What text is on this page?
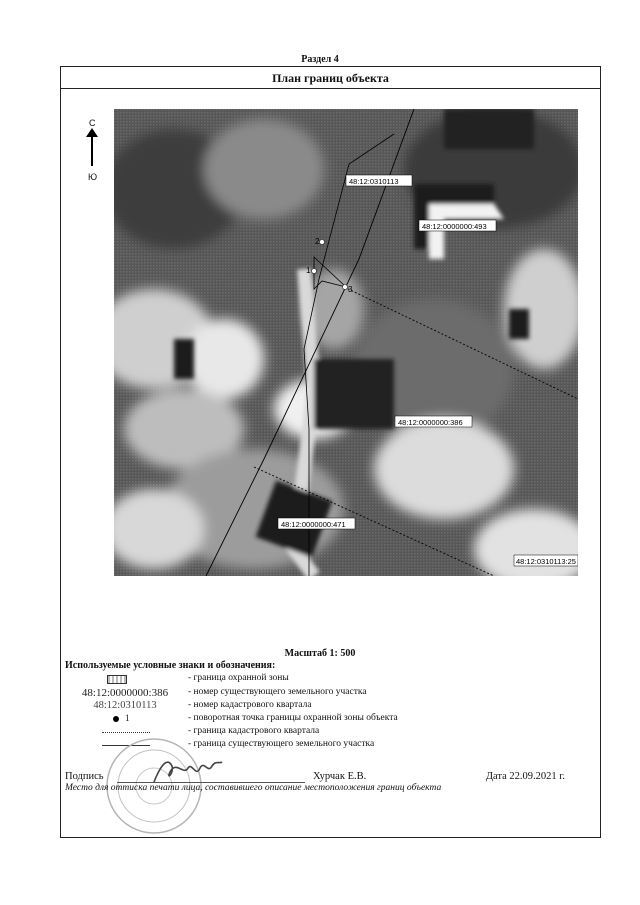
Раздел 4
План границ объекта
С
Ю
2
1
3
48:12:0310113
48:12:0000000:493
48:12:0000000:386
48:12:0000000:471
48:12:0310113:25
Масштаб 1: 500
Используемые условные знаки и обозначения:
- граница охранной зоны
48:12:0000000:386	- номер существующего земельного участка
48:12:0310113	- номер кадастрового квартала
1	- поворотная точка границы охранной зоны объекта
- граница кадастрового квартала
- граница существующего земельного участка
Подпись	Хурчак Е.В.	Дата 22.09.2021 г.
Место для оттиска печати лица, составившего описание местоположения границ объекта
